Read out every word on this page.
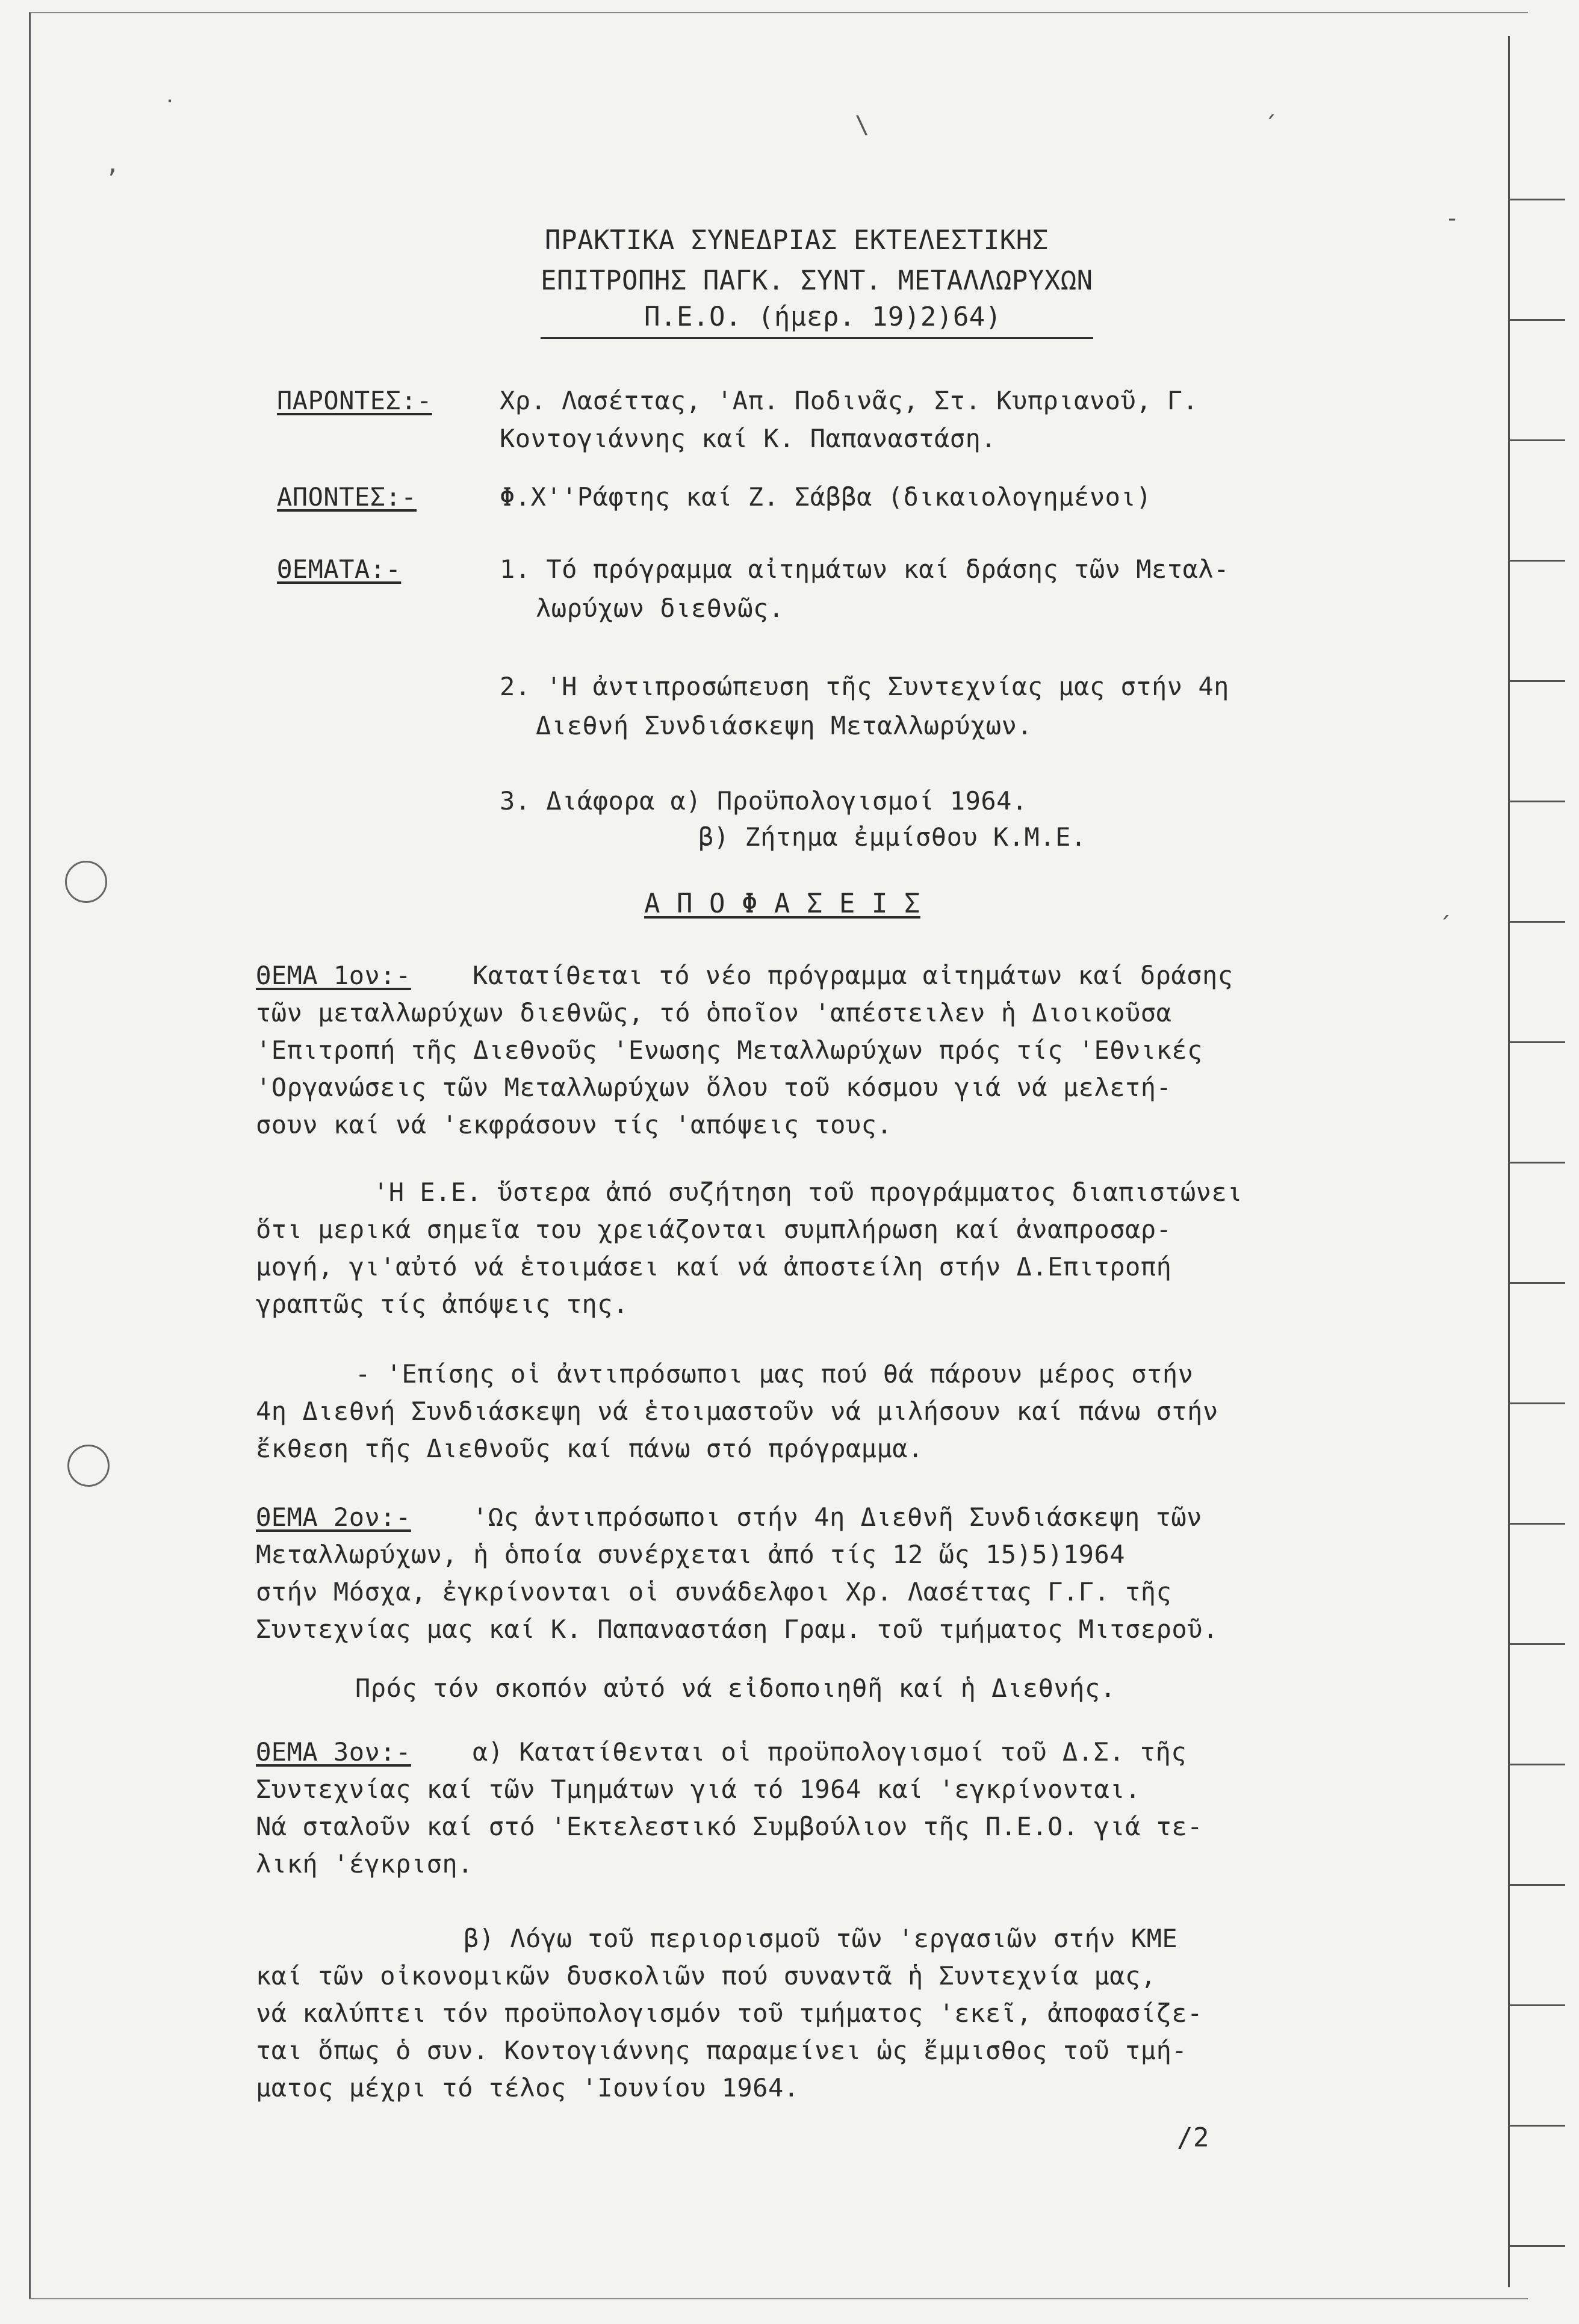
˙
,
\
ˏ
-
ˏ
ΠΡΑΚΤΙΚΑ ΣΥΝΕΔΡΙΑΣ ΕΚΤΕΛΕΣΤΙΚΗΣ
ΕΠΙΤΡΟΠΗΣ ΠΑΓΚ. ΣΥΝΤ. ΜΕΤΑΛΛΩΡΥΧΩΝ
Π.Ε.Ο. (ήμερ. 19)2)64)
ΠΑΡΟΝΤΕΣ:-	Χρ. Λασέττας, 'Απ. Ποδινᾶς, Στ. Κυπριανοῦ, Γ.
Κοντογιάννης καί Κ. Παπαναστάση.
ΑΠΟΝΤΕΣ:-	Φ.Χ''Ράφτης καί Ζ. Σάββα (δικαιολογημένοι)
ΘΕΜΑΤΑ:-	1. Τό πρόγραμμα αἰτημάτων καί δράσης τῶν Μεταλ-
λωρύχων διεθνῶς.
2. 'Η ἀντιπροσώπευση τῆς Συντεχνίας μας στήν 4η
Διεθνή Συνδιάσκεψη Μεταλλωρύχων.
3. Διάφορα α) Προϋπολογισμοί 1964.
β) Ζήτημα ἐμμίσθου Κ.Μ.Ε.
Α Π Ο Φ Α Σ Ε Ι Σ
ΘΕΜΑ 1ον:- Κατατίθεται τό νέο πρόγραμμα αἰτημάτων καί δράσης
τῶν μεταλλωρύχων διεθνῶς, τό ὁποῖον 'απέστειλεν ἡ Διοικοῦσα
'Επιτροπή τῆς Διεθνοῦς 'Ενωσης Μεταλλωρύχων πρός τίς 'Εθνικές
'Οργανώσεις τῶν Μεταλλωρύχων ὅλου τοῦ κόσμου γιά νά μελετή-
σουν καί νά 'εκφράσουν τίς 'απόψεις τους.
'Η Ε.Ε. ὕστερα ἀπό συζήτηση τοῦ προγράμματος διαπιστώνει
ὅτι μερικά σημεῖα του χρειάζονται συμπλήρωση καί ἀναπροσαρ-
μογή, γι'αὐτό νά ἑτοιμάσει καί νά ἀποστείλη στήν Δ.Επιτροπή
γραπτῶς τίς ἀπόψεις της.
- 'Επίσης οἱ ἀντιπρόσωποι μας πού θά πάρουν μέρος στήν
4η Διεθνή Συνδιάσκεψη νά ἑτοιμαστοῦν νά μιλήσουν καί πάνω στήν
ἔκθεση τῆς Διεθνοῦς καί πάνω στό πρόγραμμα.
ΘΕΜΑ 2ον:- 'Ως ἀντιπρόσωποι στήν 4η Διεθνῆ Συνδιάσκεψη τῶν
Μεταλλωρύχων, ἡ ὁποία συνέρχεται ἀπό τίς 12 ὥς 15)5)1964
στήν Μόσχα, ἐγκρίνονται οἱ συνάδελφοι Χρ. Λασέττας Γ.Γ. τῆς
Συντεχνίας μας καί Κ. Παπαναστάση Γραμ. τοῦ τμήματος Μιτσεροῦ.
Πρός τόν σκοπόν αὐτό νά εἰδοποιηθῆ καί ἡ Διεθνής.
ΘΕΜΑ 3ον:- α) Κατατίθενται οἱ προϋπολογισμοί τοῦ Δ.Σ. τῆς
Συντεχνίας καί τῶν Τμημάτων γιά τό 1964 καί 'εγκρίνονται.
Νά σταλοῦν καί στό 'Εκτελεστικό Συμβούλιον τῆς Π.Ε.Ο. γιά τε-
λική 'έγκριση.
β) Λόγω τοῦ περιορισμοῦ τῶν 'εργασιῶν στήν ΚΜΕ
καί τῶν οἰκονομικῶν δυσκολιῶν πού συναντᾶ ἡ Συντεχνία μας,
νά καλύπτει τόν προϋπολογισμόν τοῦ τμήματος 'εκεῖ, ἀποφασίζε-
ται ὅπως ὁ συν. Κοντογιάννης παραμείνει ὡς ἔμμισθος τοῦ τμή-
ματος μέχρι τό τέλος 'Ιουνίου 1964.
/2
